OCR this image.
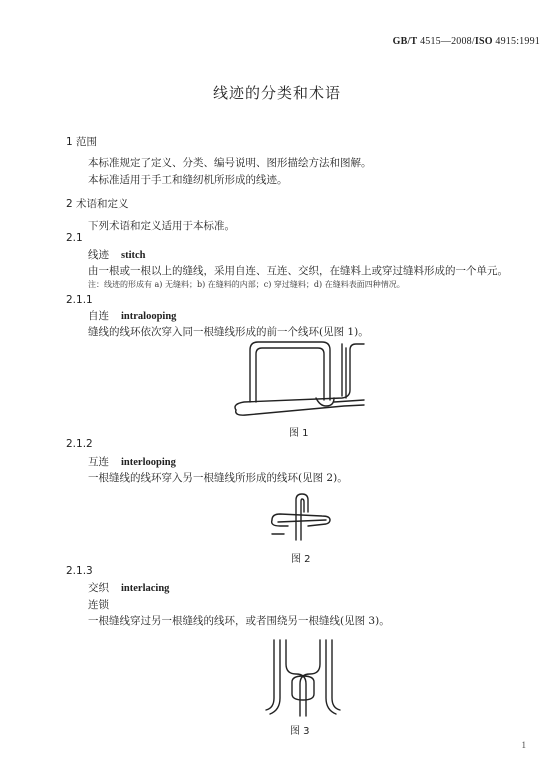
GB/T 4515—2008/ISO 4915:1991
线迹的分类和术语
1 范围
本标准规定了定义、分类、编号说明、图形描绘方法和图解。
本标准适用于手工和缝纫机所形成的线迹。
2 术语和定义
下列术语和定义适用于本标准。
2.1
线迹 stitch
由一根或一根以上的缝线，采用自连、互连、交织，在缝料上或穿过缝料形成的一个单元。
注：线迹的形成有 a) 无缝料；b) 在缝料的内部；c) 穿过缝料；d) 在缝料表面四种情况。
2.1.1
自连 intralooping
缝线的线环依次穿入同一根缝线形成的前一个线环(见图 1)。
图 1
2.1.2
互连 interlooping
一根缝线的线环穿入另一根缝线所形成的线环(见图 2)。
图 2
2.1.3
交织 interlacing
连锁
一根缝线穿过另一根缝线的线环，或者围绕另一根缝线(见图 3)。
图 3
1
